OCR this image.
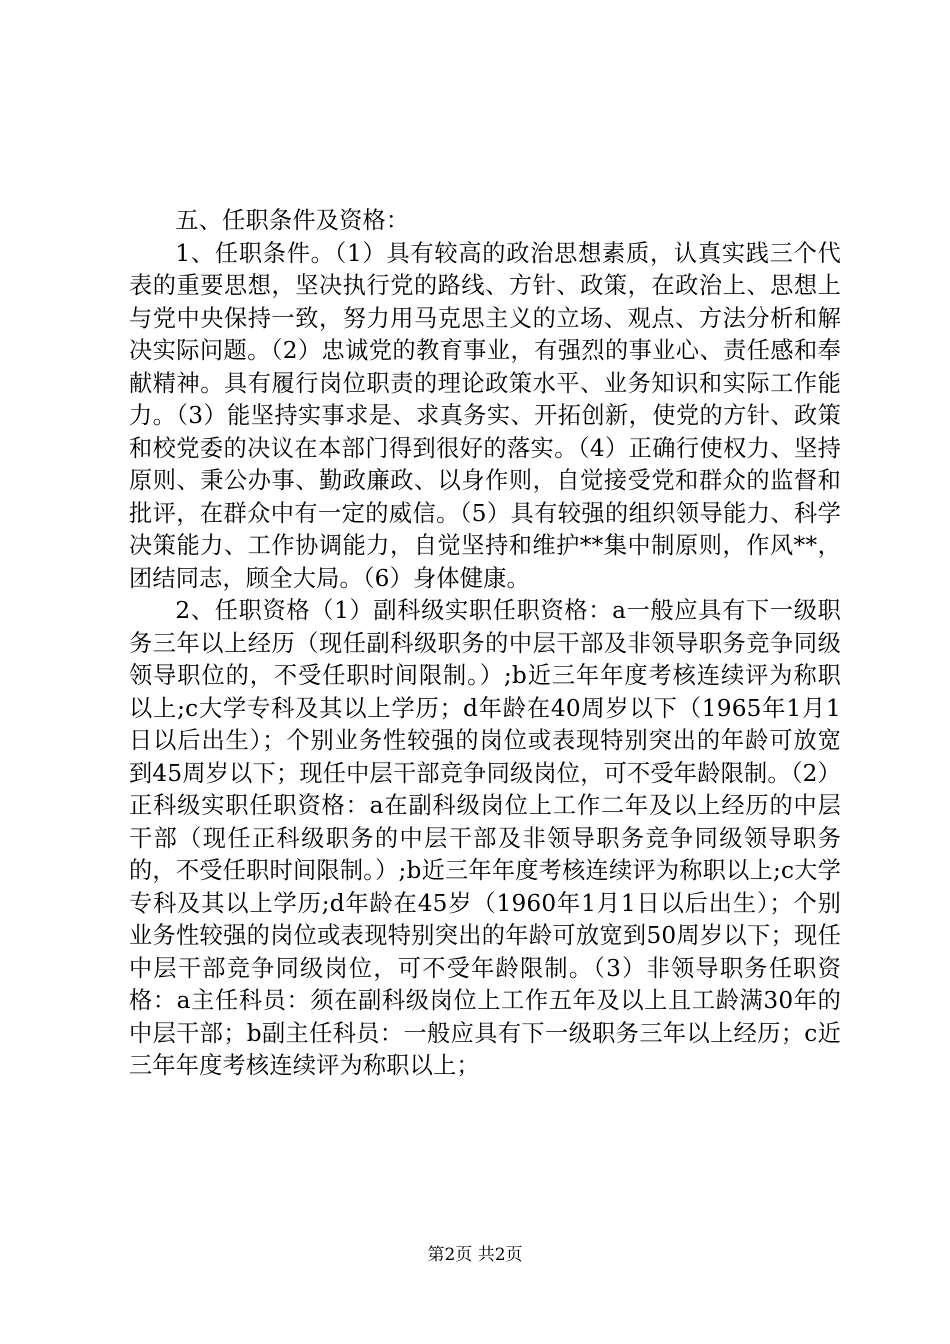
五、任职条件及资格：

1、任职条件。（1）具有较高的政治思想素质，认真实践三个代表的重要思想，坚决执行党的路线、方针、政策，在政治上、思想上与党中央保持一致，努力用马克思主义的立场、观点、方法分析和解决实际问题。（2）忠诚党的教育事业，有强烈的事业心、责任感和奉献精神。具有履行岗位职责的理论政策水平、业务知识和实际工作能力。（3）能坚持实事求是、求真务实、开拓创新，使党的方针、政策和校党委的决议在本部门得到很好的落实。（4）正确行使权力、坚持原则、秉公办事、勤政廉政、以身作则，自觉接受党和群众的监督和批评，在群众中有一定的威信。（5）具有较强的组织领导能力、科学决策能力、工作协调能力，自觉坚持和维护**集中制原则，作风**，团结同志，顾全大局。（6）身体健康。

2、任职资格（1）副科级实职任职资格：a一般应具有下一级职务三年以上经历（现任副科级职务的中层干部及非领导职务竞争同级领导职位的，不受任职时间限制。）;b近三年年度考核连续评为称职以上;c大学专科及其以上学历；d年龄在40周岁以下（1965年1月1日以后出生）；个别业务性较强的岗位或表现特别突出的年龄可放宽到45周岁以下；现任中层干部竞争同级岗位，可不受年龄限制。（2）正科级实职任职资格：a在副科级岗位上工作二年及以上经历的中层干部（现任正科级职务的中层干部及非领导职务竞争同级领导职务的，不受任职时间限制。）;b近三年年度考核连续评为称职以上;c大学专科及其以上学历;d年龄在45岁（1960年1月1日以后出生）；个别业务性较强的岗位或表现特别突出的年龄可放宽到50周岁以下；现任中层干部竞争同级岗位，可不受年龄限制。（3）非领导职务任职资格：a主任科员：须在副科级岗位上工作五年及以上且工龄满30年的中层干部；b副主任科员：一般应具有下一级职务三年以上经历；c近三年年度考核连续评为称职以上；

第2页 共2页
